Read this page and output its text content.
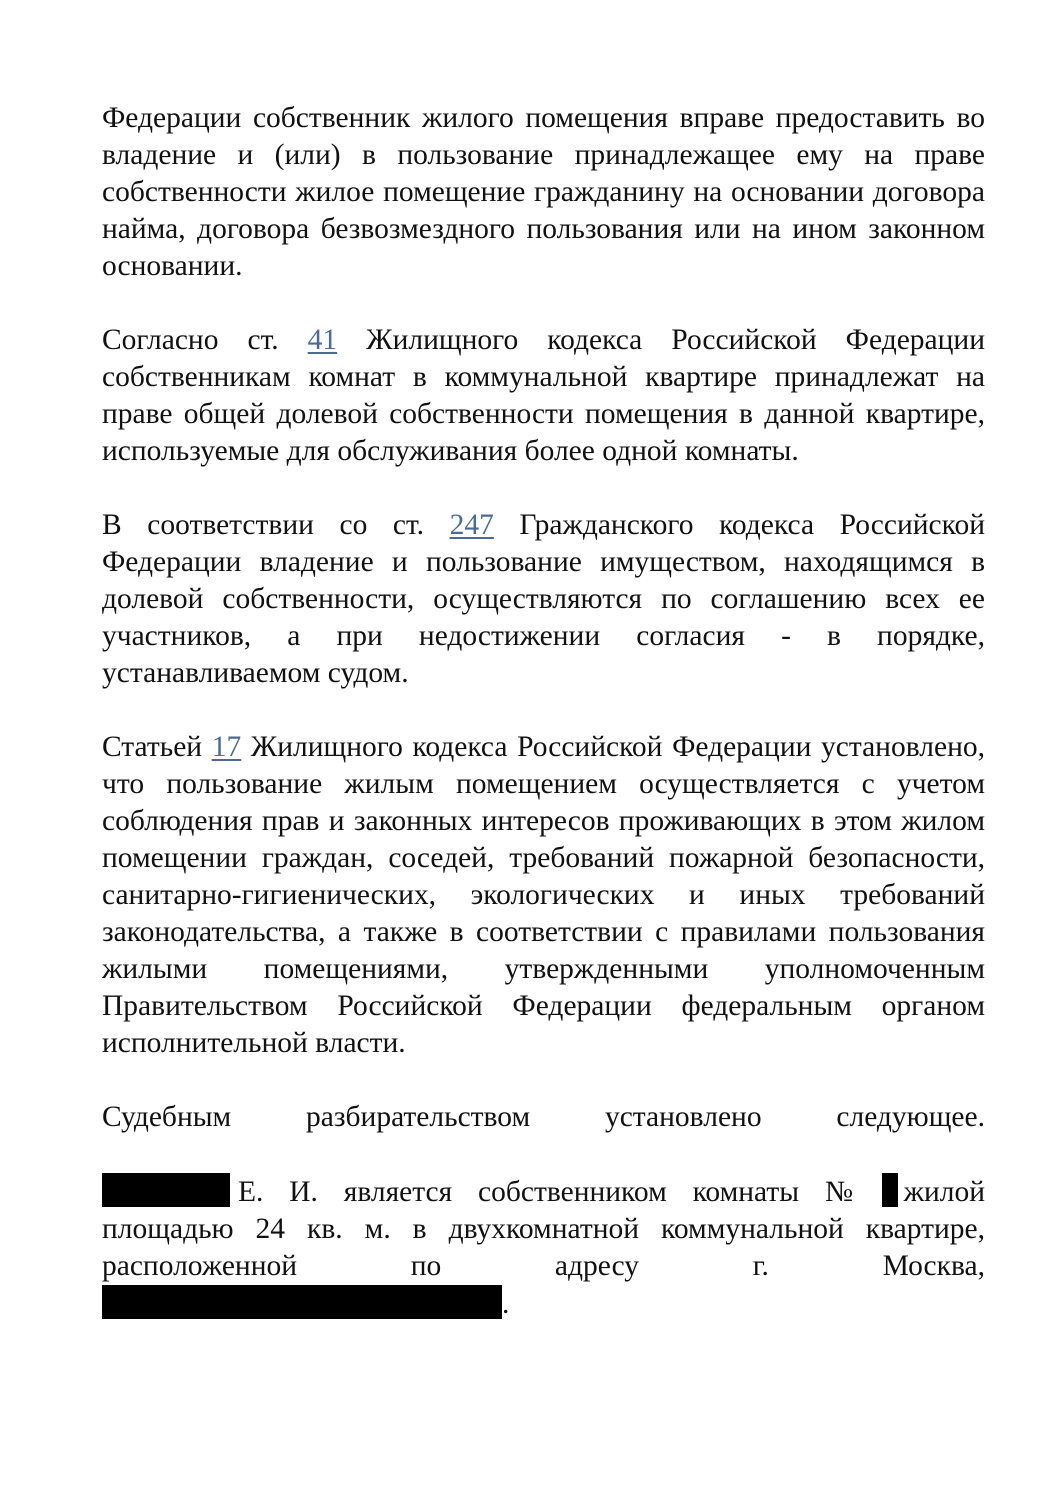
Федерации собственник жилого помещения вправе предоставить во владение и (или) в пользование принадлежащее ему на праве собственности жилое помещение гражданину на основании договора найма, договора безвозмездного пользования или на ином законном основании.

Согласно ст. 41 Жилищного кодекса Российской Федерации собственникам комнат в коммунальной квартире принадлежат на праве общей долевой собственности помещения в данной квартире, используемые для обслуживания более одной комнаты.

В соответствии со ст. 247 Гражданского кодекса Российской Федерации владение и пользование имуществом, находящимся в долевой собственности, осуществляются по соглашению всех ее участников, а при недостижении согласия - в порядке, устанавливаемом судом.

Статьей 17 Жилищного кодекса Российской Федерации установлено, что пользование жилым помещением осуществляется с учетом соблюдения прав и законных интересов проживающих в этом жилом помещении граждан, соседей, требований пожарной безопасности, санитарно-гигиенических, экологических и иных требований законодательства, а также в соответствии с правилами пользования жилыми помещениями, утвержденными уполномоченным Правительством Российской Федерации федеральным органом исполнительной власти.

Судебным разбирательством установлено следующее.

Е. И. является собственником комнаты № жилой
площадью 24 кв. м. в двухкомнатной коммунальной квартире,
расположенной по адресу г. Москва,
.
